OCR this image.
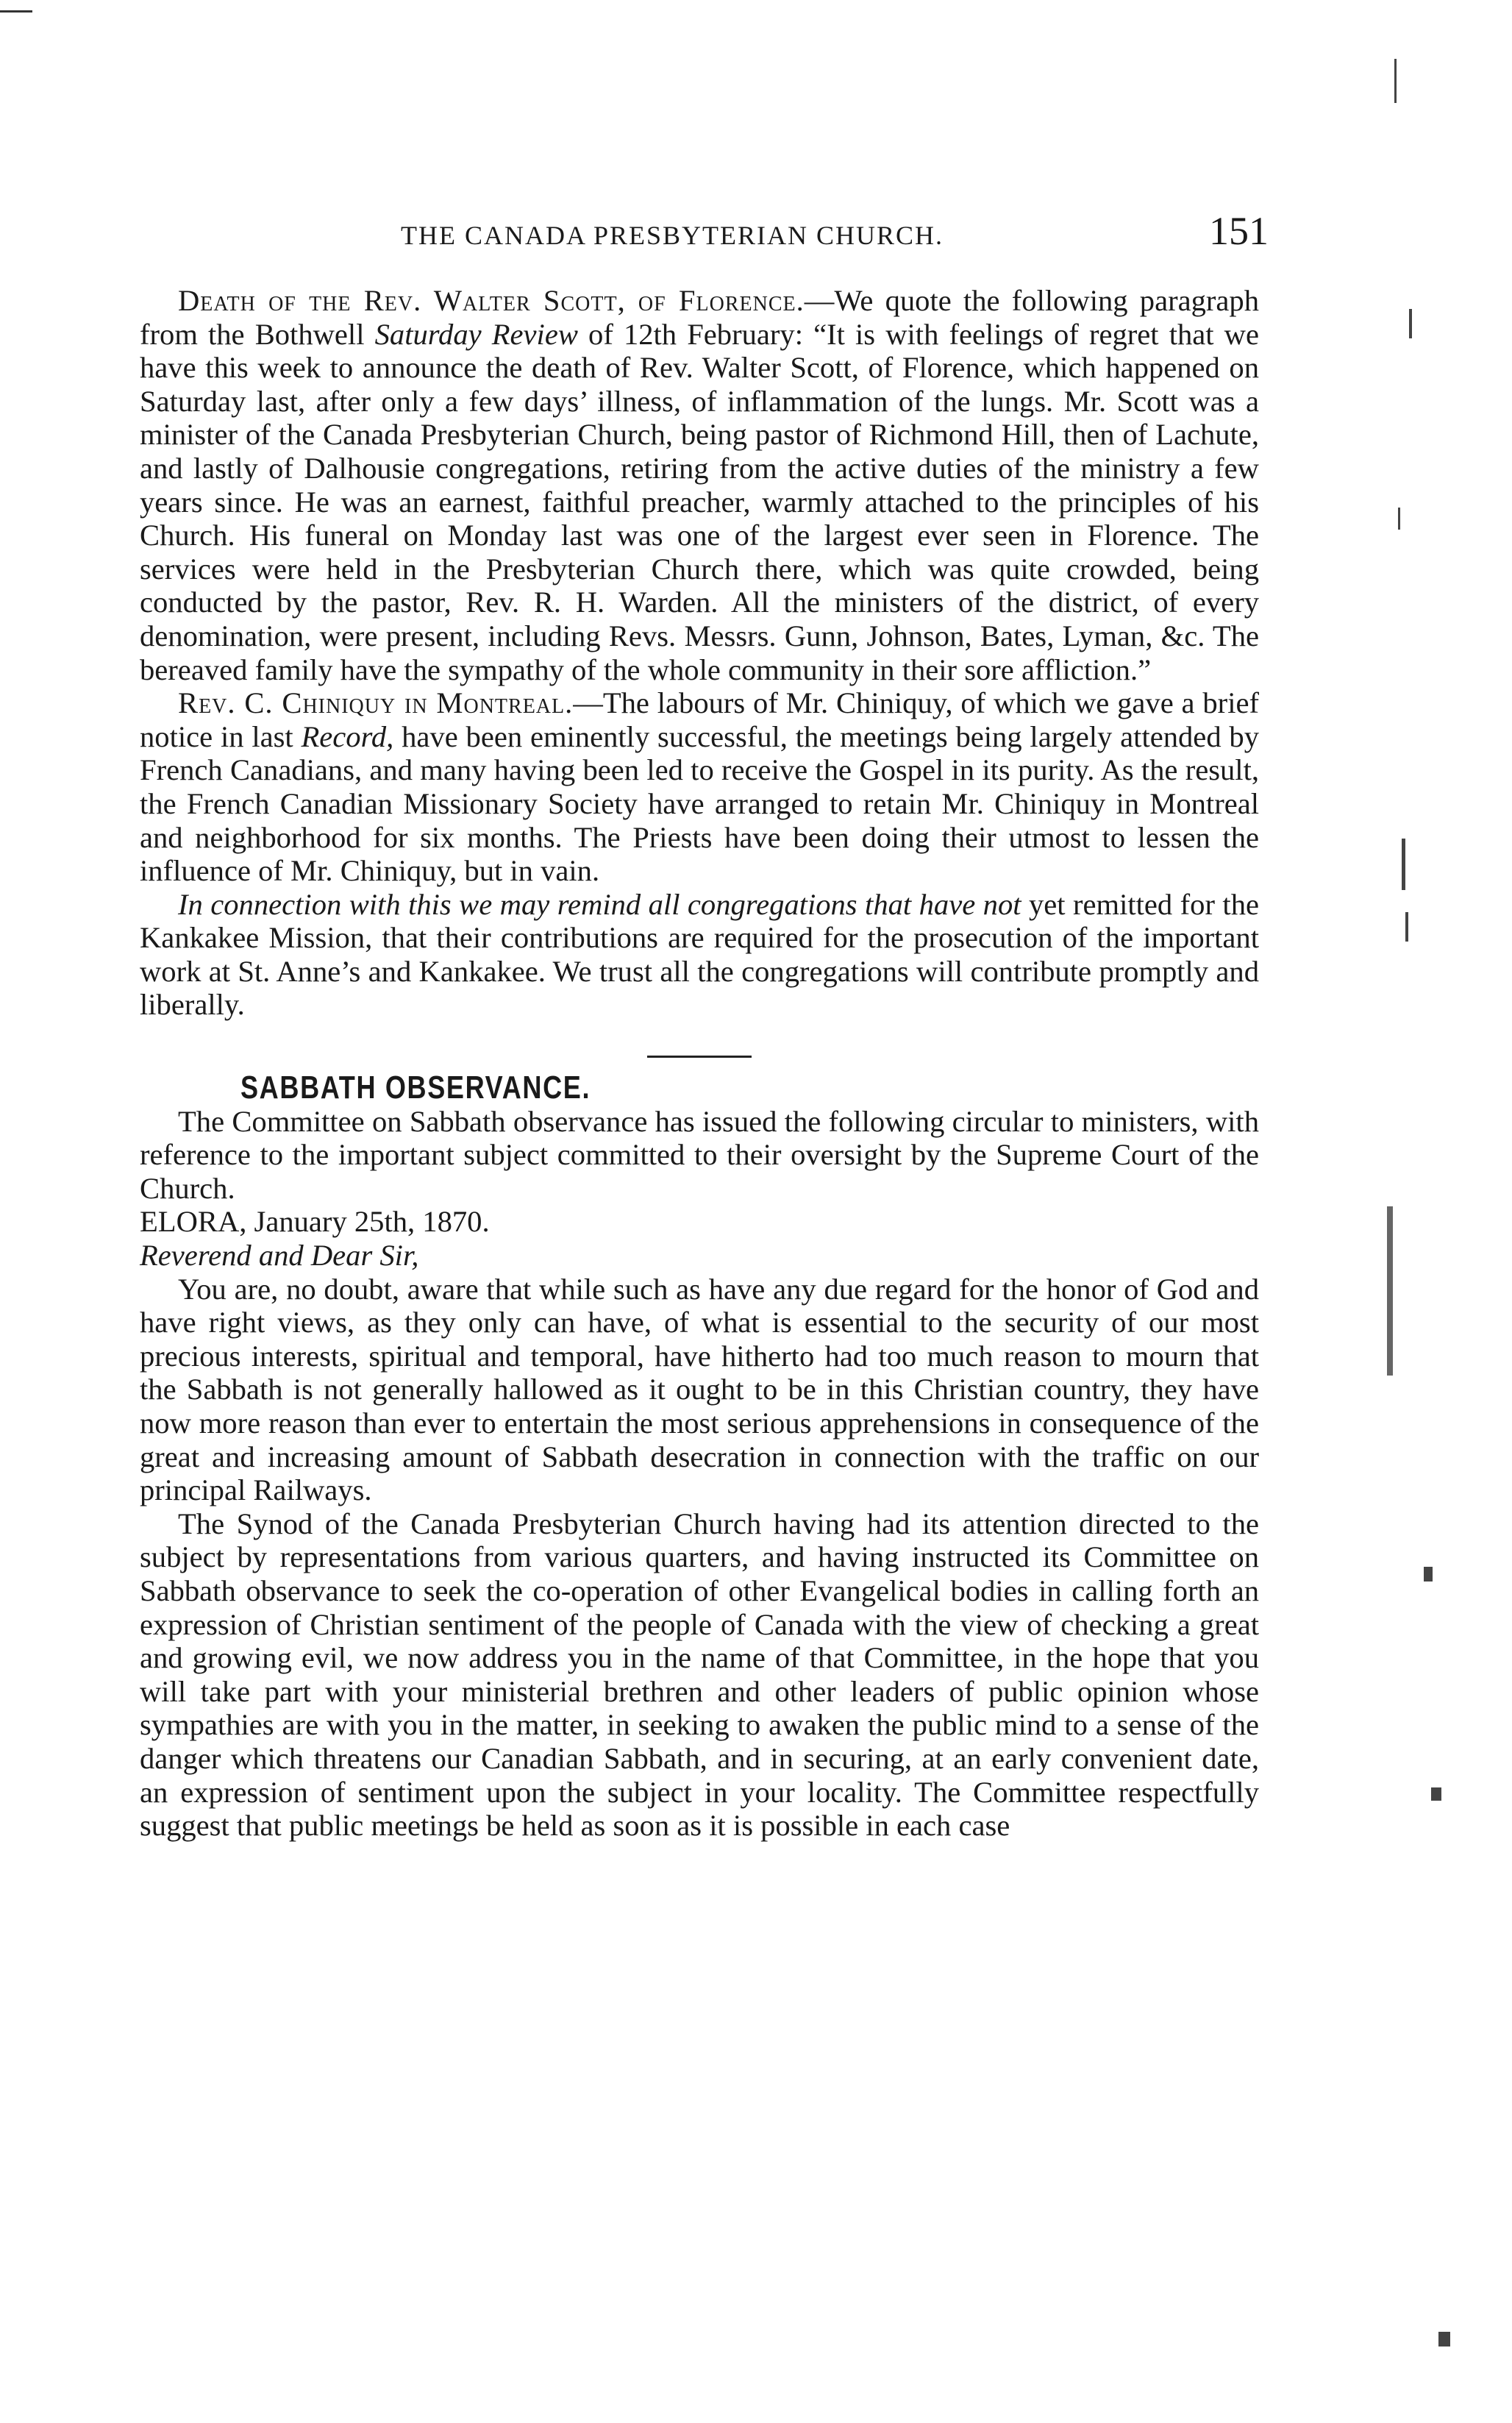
THE CANADA PRESBYTERIAN CHURCH.	151

Death of the Rev. Walter Scott, of Florence.—We quote the following paragraph from the Bothwell Saturday Review of 12th February: “It is with feelings of regret that we have this week to announce the death of Rev. Walter Scott, of Florence, which happened on Saturday last, after only a few days’ illness, of inflammation of the lungs. Mr. Scott was a minister of the Canada Presbyterian Church, being pastor of Richmond Hill, then of Lachute, and lastly of Dalhousie congregations, retiring from the active duties of the ministry a few years since. He was an earnest, faithful preacher, warmly attached to the principles of his Church. His funeral on Monday last was one of the largest ever seen in Florence. The services were held in the Presbyterian Church there, which was quite crowded, being conducted by the pastor, Rev. R. H. Warden. All the ministers of the district, of every denomination, were present, including Revs. Messrs. Gunn, Johnson, Bates, Lyman, &c. The bereaved family have the sympathy of the whole community in their sore affliction.”

Rev. C. Chiniquy in Montreal.—The labours of Mr. Chiniquy, of which we gave a brief notice in last Record, have been eminently successful, the meetings being largely attended by French Canadians, and many having been led to receive the Gospel in its purity. As the result, the French Canadian Missionary Society have arranged to retain Mr. Chiniquy in Montreal and neighborhood for six months. The Priests have been doing their utmost to lessen the influence of Mr. Chiniquy, but in vain.

In connection with this we may remind all congregations that have not yet remitted for the Kankakee Mission, that their contributions are required for the prosecution of the important work at St. Anne’s and Kankakee. We trust all the congregations will contribute promptly and liberally.

SABBATH OBSERVANCE.

The Committee on Sabbath observance has issued the following circular to ministers, with reference to the important subject committed to their oversight by the Supreme Court of the Church.

ELORA, January 25th, 1870.

Reverend and Dear Sir,

You are, no doubt, aware that while such as have any due regard for the honor of God and have right views, as they only can have, of what is essential to the security of our most precious interests, spiritual and temporal, have hitherto had too much reason to mourn that the Sabbath is not generally hallowed as it ought to be in this Christian country, they have now more reason than ever to entertain the most serious apprehensions in consequence of the great and increasing amount of Sabbath desecration in connection with the traffic on our principal Railways.

The Synod of the Canada Presbyterian Church having had its attention directed to the subject by representations from various quarters, and having instructed its Committee on Sabbath observance to seek the co-operation of other Evangelical bodies in calling forth an expression of Christian sentiment of the people of Canada with the view of checking a great and growing evil, we now address you in the name of that Committee, in the hope that you will take part with your ministerial brethren and other leaders of public opinion whose sympathies are with you in the matter, in seeking to awaken the public mind to a sense of the danger which threatens our Canadian Sabbath, and in securing, at an early convenient date, an expression of sentiment upon the subject in your locality. The Committee respectfully suggest that public meetings be held as soon as it is possible in each case
